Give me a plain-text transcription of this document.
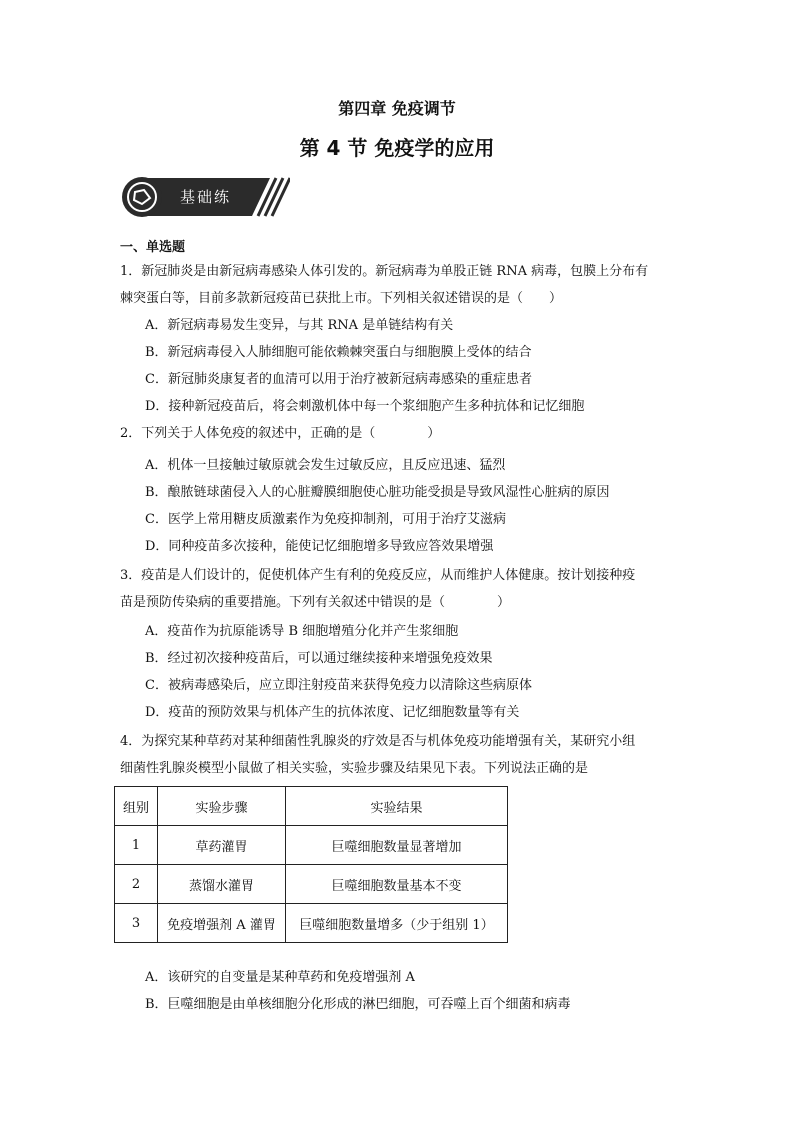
第四章 免疫调节
第 4 节 免疫学的应用
基础练
一、单选题
1．新冠肺炎是由新冠病毒感染人体引发的。新冠病毒为单股正链 RNA 病毒，包膜上分布有
棘突蛋白等，目前多款新冠疫苗已获批上市。下列相关叙述错误的是（　　）
A．新冠病毒易发生变异，与其 RNA 是单链结构有关
B．新冠病毒侵入人肺细胞可能依赖棘突蛋白与细胞膜上受体的结合
C．新冠肺炎康复者的血清可以用于治疗被新冠病毒感染的重症患者
D．接种新冠疫苗后，将会刺激机体中每一个浆细胞产生多种抗体和记忆细胞
2．下列关于人体免疫的叙述中，正确的是（　　　　）
A．机体一旦接触过敏原就会发生过敏反应，且反应迅速、猛烈
B．酿脓链球菌侵入人的心脏瓣膜细胞使心脏功能受损是导致风湿性心脏病的原因
C．医学上常用糖皮质激素作为免疫抑制剂，可用于治疗艾滋病
D．同种疫苗多次接种，能使记忆细胞增多导致应答效果增强
3．疫苗是人们设计的，促使机体产生有利的免疫反应，从而维护人体健康。按计划接种疫
苗是预防传染病的重要措施。下列有关叙述中错误的是（　　　　）
A．疫苗作为抗原能诱导 B 细胞增殖分化并产生浆细胞
B．经过初次接种疫苗后，可以通过继续接种来增强免疫效果
C．被病毒感染后，应立即注射疫苗来获得免疫力以清除这些病原体
D．疫苗的预防效果与机体产生的抗体浓度、记忆细胞数量等有关
4．为探究某种草药对某种细菌性乳腺炎的疗效是否与机体免疫功能增强有关，某研究小组
细菌性乳腺炎模型小鼠做了相关实验，实验步骤及结果见下表。下列说法正确的是
组别	实验步骤	实验结果
1	草药灌胃	巨噬细胞数量显著增加
2	蒸馏水灌胃	巨噬细胞数量基本不变
3	免疫增强剂 A 灌胃	巨噬细胞数量增多（少于组别 1）
A．该研究的自变量是某种草药和免疫增强剂 A
B．巨噬细胞是由单核细胞分化形成的淋巴细胞，可吞噬上百个细菌和病毒
